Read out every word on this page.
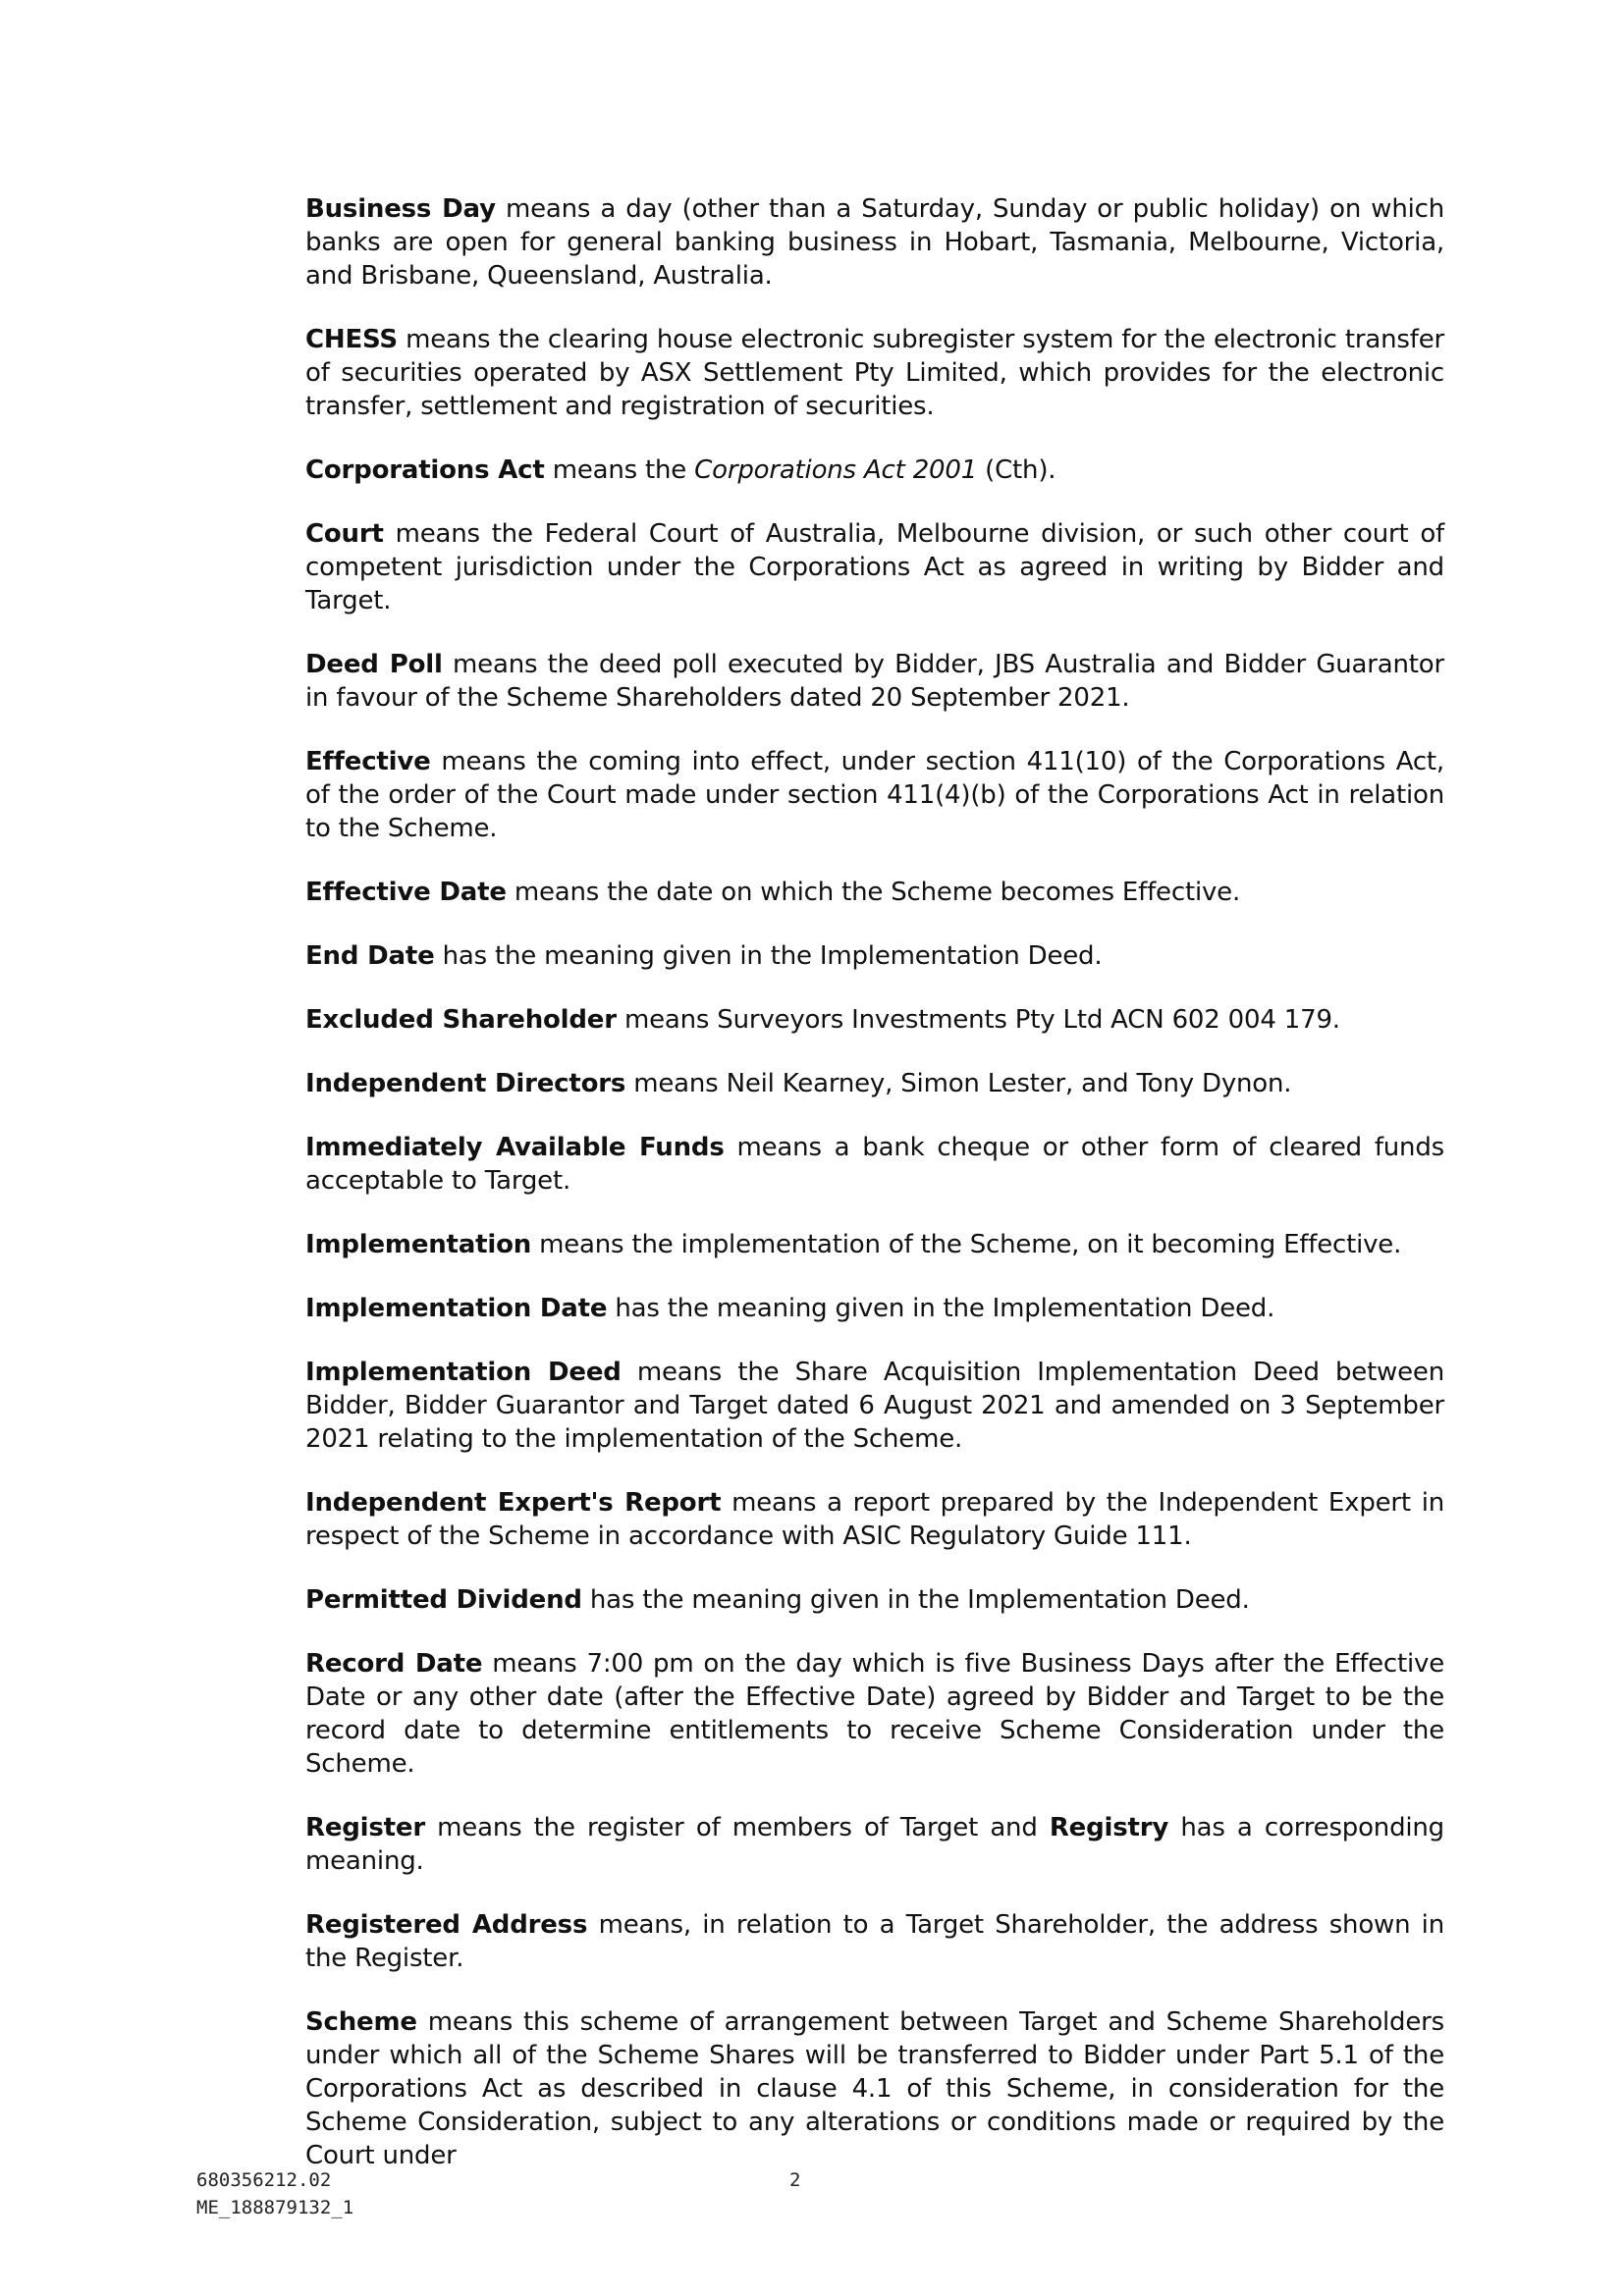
Business Day means a day (other than a Saturday, Sunday or public holiday) on which banks are open for general banking business in Hobart, Tasmania, Melbourne, Victoria, and Brisbane, Queensland, Australia.

CHESS means the clearing house electronic subregister system for the electronic transfer of securities operated by ASX Settlement Pty Limited, which provides for the electronic transfer, settlement and registration of securities.

Corporations Act means the Corporations Act 2001 (Cth).

Court means the Federal Court of Australia, Melbourne division, or such other court of competent jurisdiction under the Corporations Act as agreed in writing by Bidder and Target.

Deed Poll means the deed poll executed by Bidder, JBS Australia and Bidder Guarantor in favour of the Scheme Shareholders dated 20 September 2021.

Effective means the coming into effect, under section 411(10) of the Corporations Act, of the order of the Court made under section 411(4)(b) of the Corporations Act in relation to the Scheme.

Effective Date means the date on which the Scheme becomes Effective.

End Date has the meaning given in the Implementation Deed.

Excluded Shareholder means Surveyors Investments Pty Ltd ACN 602 004 179.

Independent Directors means Neil Kearney, Simon Lester, and Tony Dynon.

Immediately Available Funds means a bank cheque or other form of cleared funds acceptable to Target.

Implementation means the implementation of the Scheme, on it becoming Effective.

Implementation Date has the meaning given in the Implementation Deed.

Implementation Deed means the Share Acquisition Implementation Deed between Bidder, Bidder Guarantor and Target dated 6 August 2021 and amended on 3 September 2021 relating to the implementation of the Scheme.

Independent Expert's Report means a report prepared by the Independent Expert in respect of the Scheme in accordance with ASIC Regulatory Guide 111.

Permitted Dividend has the meaning given in the Implementation Deed.

Record Date means 7:00 pm on the day which is five Business Days after the Effective Date or any other date (after the Effective Date) agreed by Bidder and Target to be the record date to determine entitlements to receive Scheme Consideration under the Scheme.

Register means the register of members of Target and Registry has a corresponding meaning.

Registered Address means, in relation to a Target Shareholder, the address shown in the Register.

Scheme means this scheme of arrangement between Target and Scheme Shareholders under which all of the Scheme Shares will be transferred to Bidder under Part 5.1 of the Corporations Act as described in clause 4.1 of this Scheme, in consideration for the Scheme Consideration, subject to any alterations or conditions made or required by the Court under

680356212.02
ME_188879132_1
2
